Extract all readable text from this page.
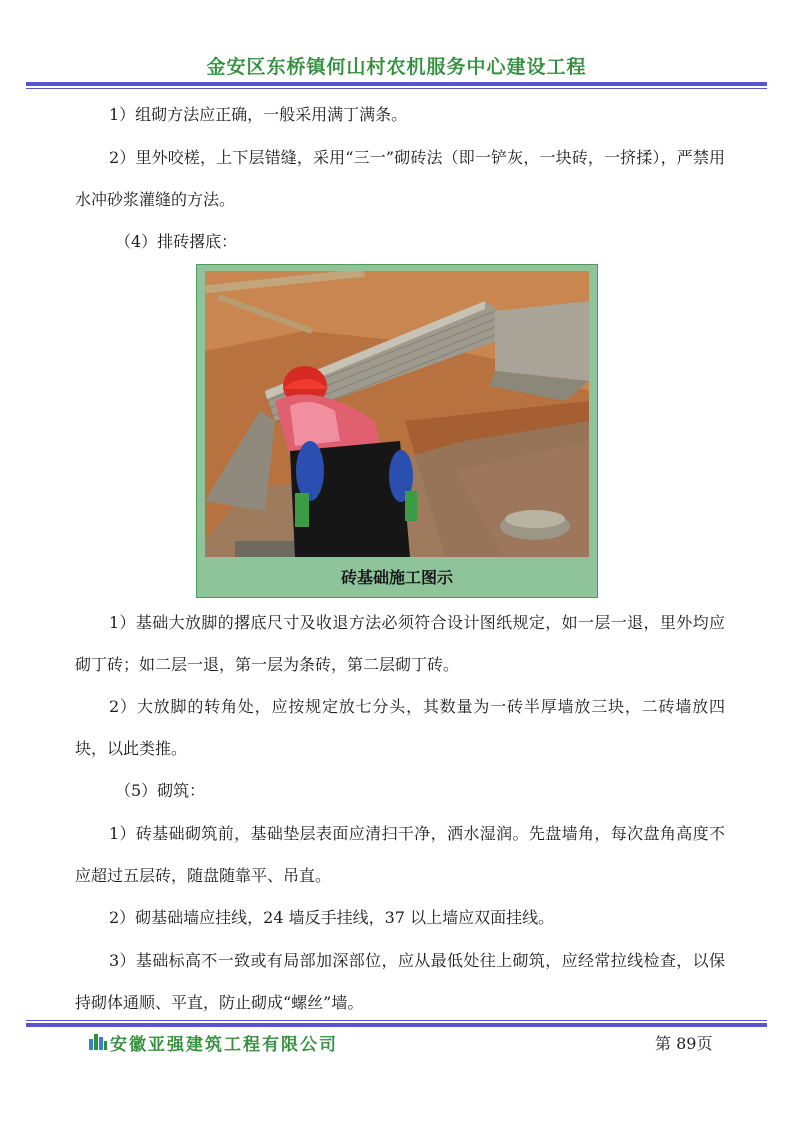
金安区东桥镇何山村农机服务中心建设工程

1）组砌方法应正确，一般采用满丁满条。

2）里外咬槎，上下层错缝，采用“三一”砌砖法（即一铲灰，一块砖，一挤揉），严禁用水冲砂浆灌缝的方法。

（4）排砖撂底：

砖基础施工图示

1）基础大放脚的撂底尺寸及收退方法必须符合设计图纸规定，如一层一退，里外均应砌丁砖；如二层一退，第一层为条砖，第二层砌丁砖。

2）大放脚的转角处，应按规定放七分头，其数量为一砖半厚墙放三块，二砖墙放四块，以此类推。

（5）砌筑：

1）砖基础砌筑前，基础垫层表面应清扫干净，洒水湿润。先盘墙角，每次盘角高度不应超过五层砖，随盘随靠平、吊直。

2）砌基础墙应挂线，24 墙反手挂线，37 以上墙应双面挂线。

3）基础标高不一致或有局部加深部位，应从最低处往上砌筑，应经常拉线检查，以保持砌体通顺、平直，防止砌成“螺丝”墙。

安徽亚强建筑工程有限公司	第 89页
